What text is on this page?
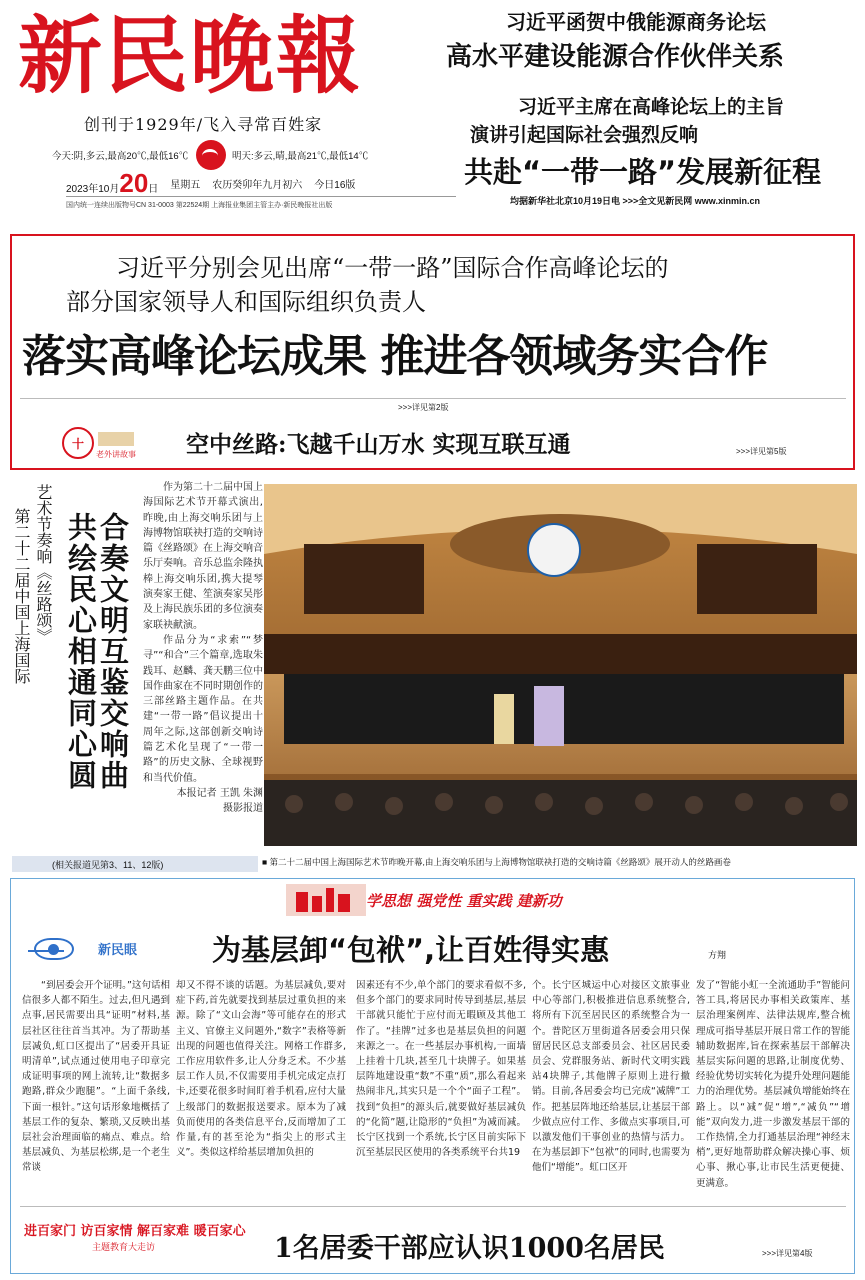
新民晚報
创刊于1929年/飞入寻常百姓家
今天:阴,多云,最高20℃,最低16℃	明天:多云,晴,最高21℃,最低14℃
2023年10月20日 星期五 农历癸卯年九月初六 今日16版
国内统一连续出版物号CN 31-0003 第22524期 上海报业集团主管主办·新民晚报社出版
习近平函贺中俄能源商务论坛
高水平建设能源合作伙伴关系
习近平主席在高峰论坛上的主旨
演讲引起国际社会强烈反响
共赴“一带一路”发展新征程
均据新华社北京10月19日电 >>>全文见新民网 www.xinmin.cn
习近平分别会见出席“一带一路”国际合作高峰论坛的
部分国家领导人和国际组织负责人
落实高峰论坛成果 推进各领域务实合作
>>>详见第2版
十
老外讲故事 空中丝路:飞越千山万水 实现互联互通	>>>详见第5版
艺术节奏响《丝路颂》
第二十二届中国上海国际 合奏文明互鉴交响曲
共绘民心相通同心圆

作为第二十二届中国上海国际艺术节开幕式演出,昨晚,由上海交响乐团与上海博物馆联袂打造的交响诗篇《丝路颂》在上海交响音乐厅奏响。音乐总监余隆执棒上海交响乐团,携大提琴演奏家王健、笙演奏家吴彤及上海民族乐团的多位演奏家联袂献演。

作品分为“求索”“梦寻”“和合”三个篇章,选取朱践耳、赵麟、龚天鹏三位中国作曲家在不同时期创作的三部丝路主题作品。在共建“一带一路”倡议提出十周年之际,这部创新交响诗篇艺术化呈现了“一带一路”的历史文脉、全球视野和当代价值。

本报记者 王凯 朱渊

摄影报道

(相关报道见第3、11、12版)	■ 第二十二届中国上海国际艺术节昨晚开幕,由上海交响乐团与上海博物馆联袂打造的交响诗篇《丝路颂》展开动人的丝路画卷
学思想 强党性 重实践 建新功
新民眼	为基层卸“包袱”,让百姓得实惠	方翔

“到居委会开个证明。”这句话相信很多人都不陌生。过去,但凡遇到点事,居民需要出具“证明”材料,基层社区往往首当其冲。为了帮助基层减负,虹口区提出了“居委开具证明清单”,试点通过使用电子印章完成证明事项的网上流转,让“数据多跑路,群众少跑腿”。“上面千条线,下面一根针。”这句话形象地概括了基层工作的复杂、繁琐,又反映出基层社会治理面临的痛点、难点。给基层减负、为基层松绑,是一个老生常谈

却又不得不谈的话题。为基层减负,要对症下药,首先就要找到基层过重负担的来源。除了“文山会海”等可能存在的形式主义、官僚主义问题外,“数字”表格等新出现的问题也值得关注。网格工作群多,工作应用软件多,让人分身乏术。不少基层工作人员,不仅需要用手机完成定点打卡,还要花很多时间盯着手机看,应付大量上级部门的数据报送要求。原本为了减负而使用的各类信息平台,反而增加了工作量,有的甚至沦为“指尖上的形式主义”。类似这样给基层增加负担的

因素还有不少,单个部门的要求看似不多,但多个部门的要求同时传导到基层,基层干部就只能忙于应付而无暇顾及其他工作了。“挂牌”过多也是基层负担的问题来源之一。在一些基层办事机构,一面墙上挂着十几块,甚至几十块牌子。如果基层阵地建设重“数”不重“质”,那么看起来热闹非凡,其实只是一个个“面子工程”。找到“负担”的源头后,就要做好基层减负的“化简”题,让隐形的“负担”为减而减。长宁区找到一个系统,长宁区目前实际下沉至基层民区使用的各类系统平台共19

个。长宁区城运中心对接区文旅事业中心等部门,积极推进信息系统整合,将所有下沉至居民区的系统整合为一个。普陀区万里街道各居委会用只保留居民区总支部委员会、社区居民委员会、党群服务站、新时代文明实践站4块牌子,其他牌子原则上进行撤销。目前,各居委会均已完成“减牌”工作。把基层阵地还给基层,让基层干部少做点应付工作、多做点实事项目,可以激发他们干事创业的热情与活力。在为基层卸下“包袱”的同时,也需要为他们“增能”。虹口区开

发了“智能小虹一全流通助手”智能问答工具,将居民办事相关政策库、基层治理案例库、法律法规库,整合梳理成可指导基层开展日常工作的智能辅助数据库,旨在探索基层干部解决基层实际问题的思路,让制度优势、经验优势切实转化为提升处理问题能力的治理优势。基层减负增能始终在路上。以“减”促“增”,“减负”“增能”双向发力,进一步激发基层干部的工作热情,全力打通基层治理“神经末梢”,更好地帮助群众解决操心事、烦心事、揪心事,让市民生活更便捷、更满意。

进百家门 访百家情 解百家难 暖百家心
主题教育大走访	1名居委干部应认识1000名居民	>>>详见第4版
